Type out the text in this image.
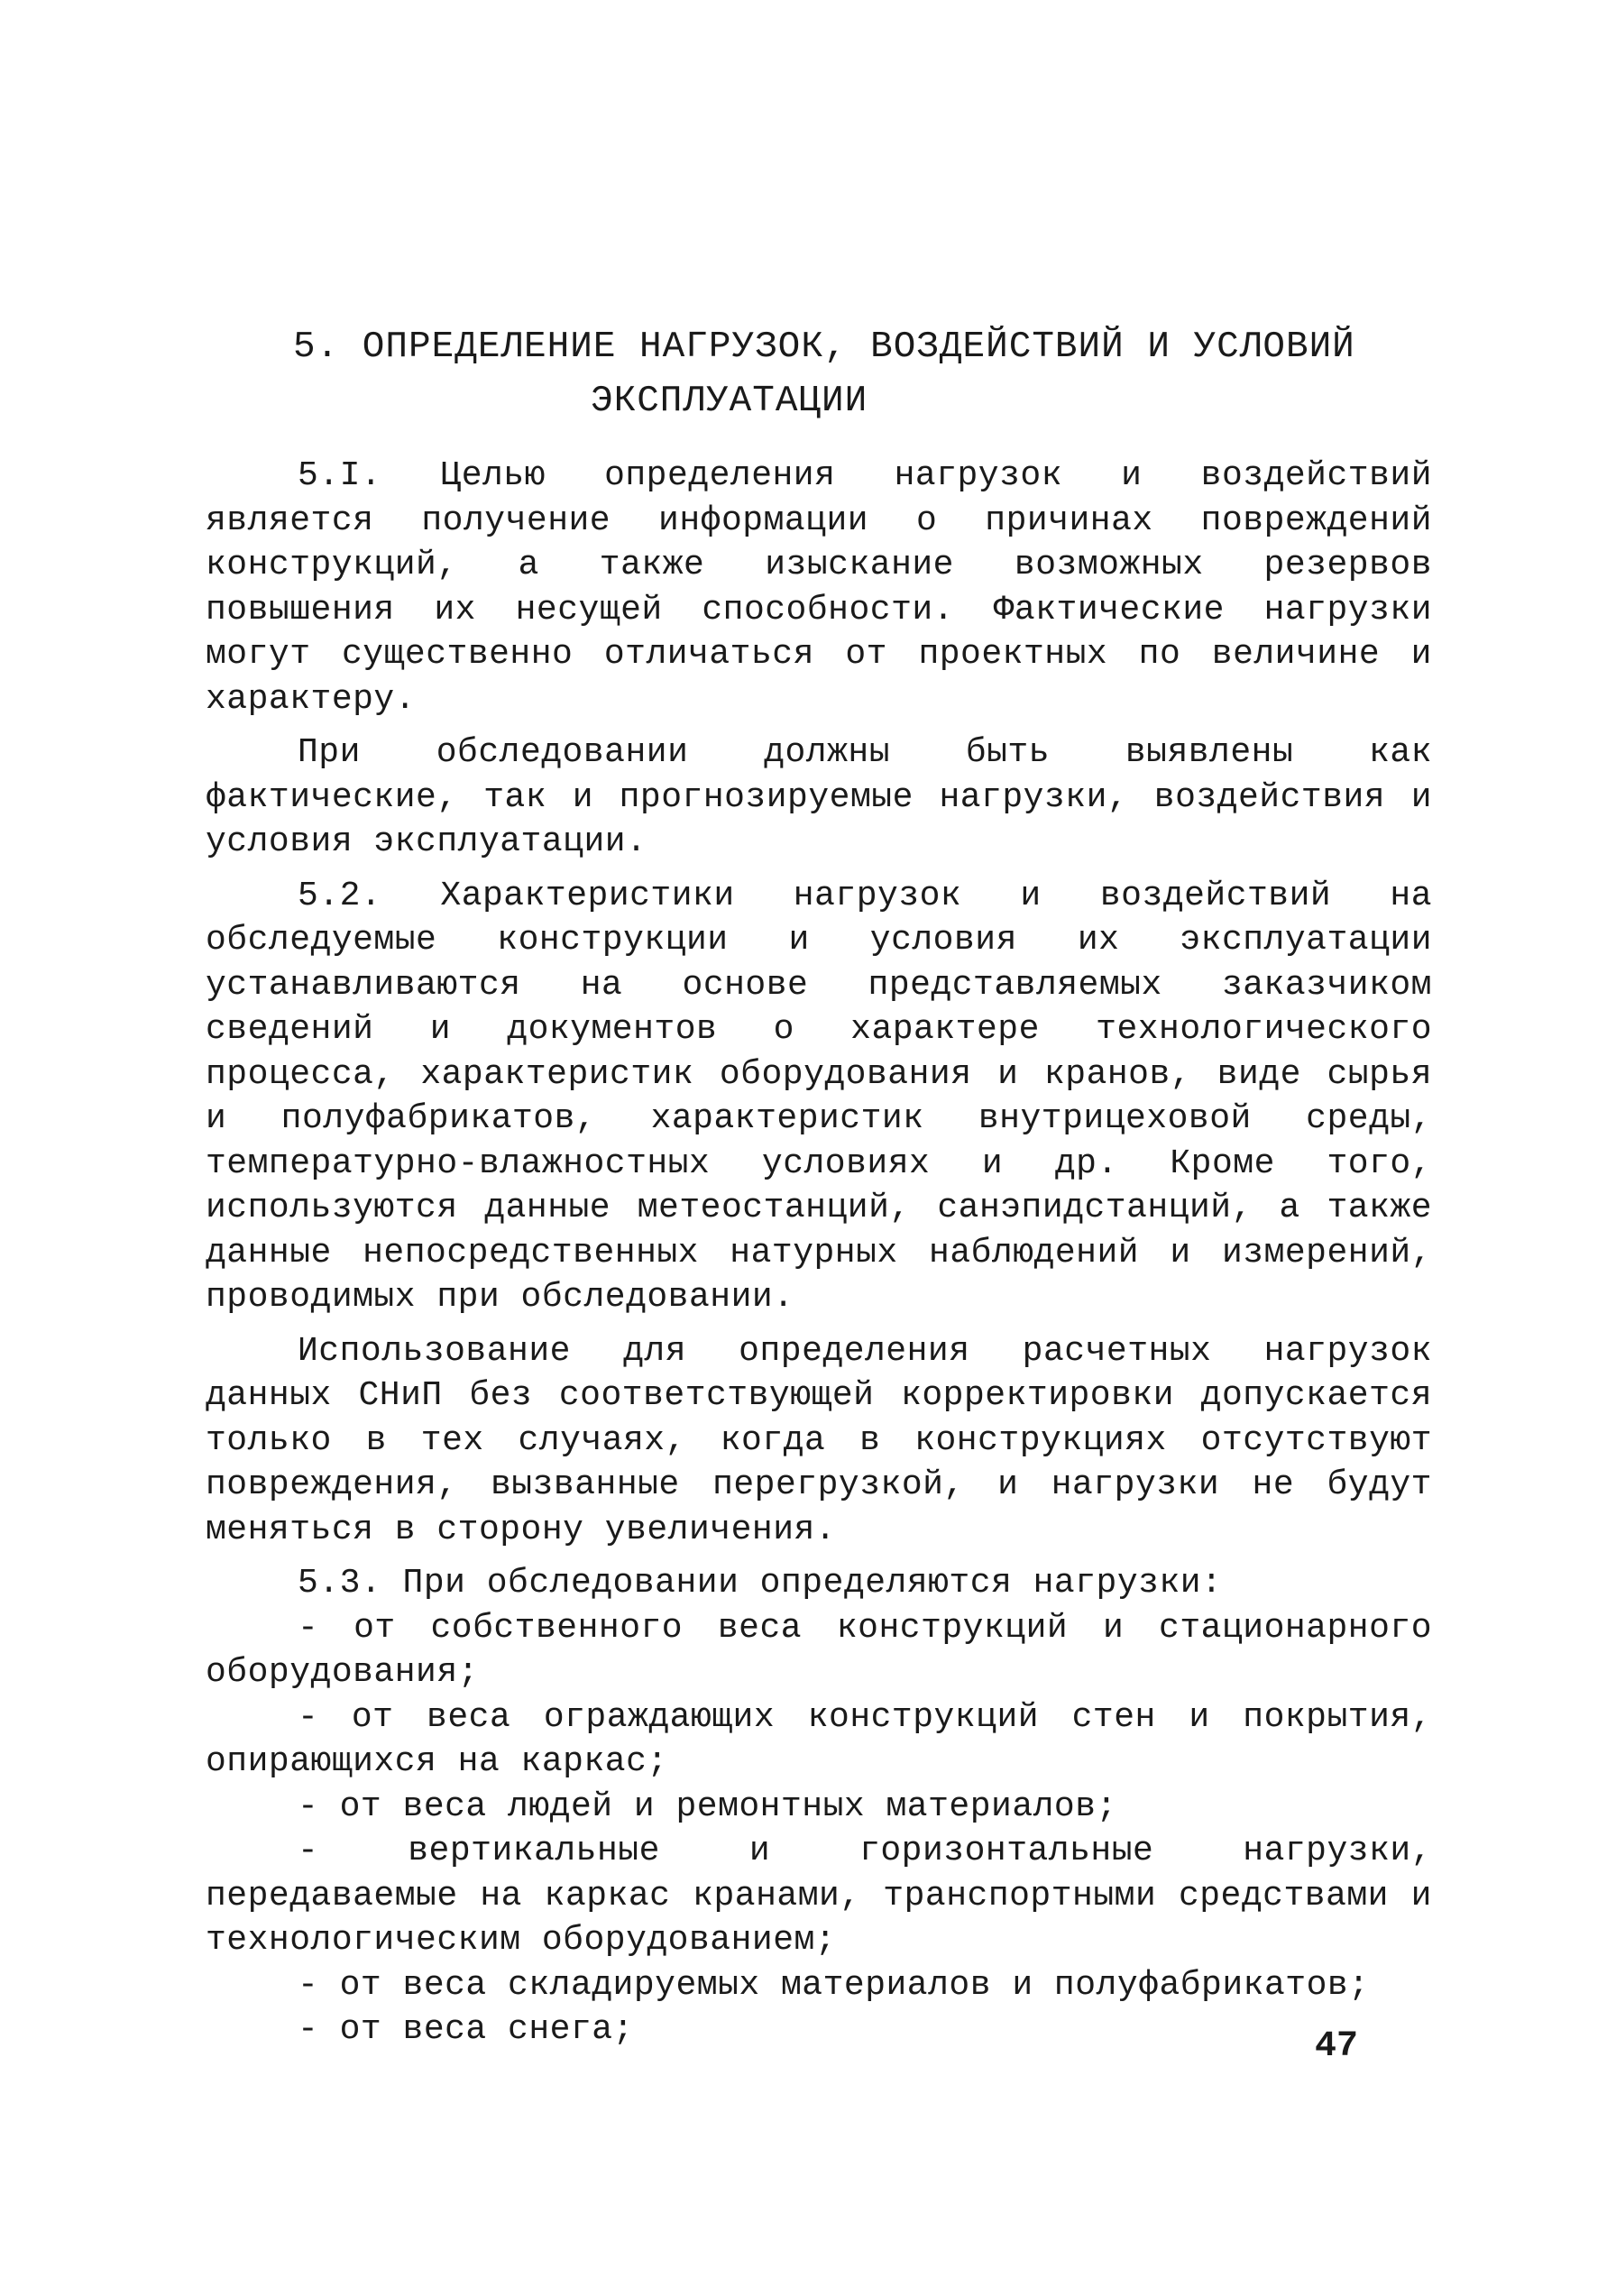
5. ОПРЕДЕЛЕНИЕ НАГРУЗОК, ВОЗДЕЙСТВИЙ И УСЛОВИЙ
ЭКСПЛУАТАЦИИ

5.I. Целью определения нагрузок и воздействий является получение информации о причинах повреждений конструкций, а также изыскание возможных резервов повышения их несущей способности. Фактические нагрузки могут существенно отличаться от проектных по величине и характеру.

При обследовании должны быть выявлены как фактические, так и прогнозируемые нагрузки, воздействия и условия эксплуатации.

5.2. Характеристики нагрузок и воздействий на обследуемые конструкции и условия их эксплуатации устанавливаются на основе представляемых заказчиком сведений и документов о характере технологического процесса, характеристик оборудования и кранов, виде сырья и полуфабрикатов, характеристик внутрицеховой среды, температурно-влажностных условиях и др. Кроме того, используются данные метеостанций, санэпидстанций, а также данные непосредственных натурных наблюдений и измерений, проводимых при обследовании.

Использование для определения расчетных нагрузок данных СНиП без соответствующей корректировки допускается только в тех случаях, когда в конструкциях отсутствуют повреждения, вызванные перегрузкой, и нагрузки не будут меняться в сторону увеличения.

5.3. При обследовании определяются нагрузки:

- от собственного веса конструкций и стационарного оборудования;

- от веса ограждающих конструкций стен и покрытия, опирающихся на каркас;

- от веса людей и ремонтных материалов;

- вертикальные и горизонтальные нагрузки, передаваемые на каркас кранами, транспортными средствами и технологическим оборудованием;

- от веса складируемых материалов и полуфабрикатов;

- от веса снега;	47
